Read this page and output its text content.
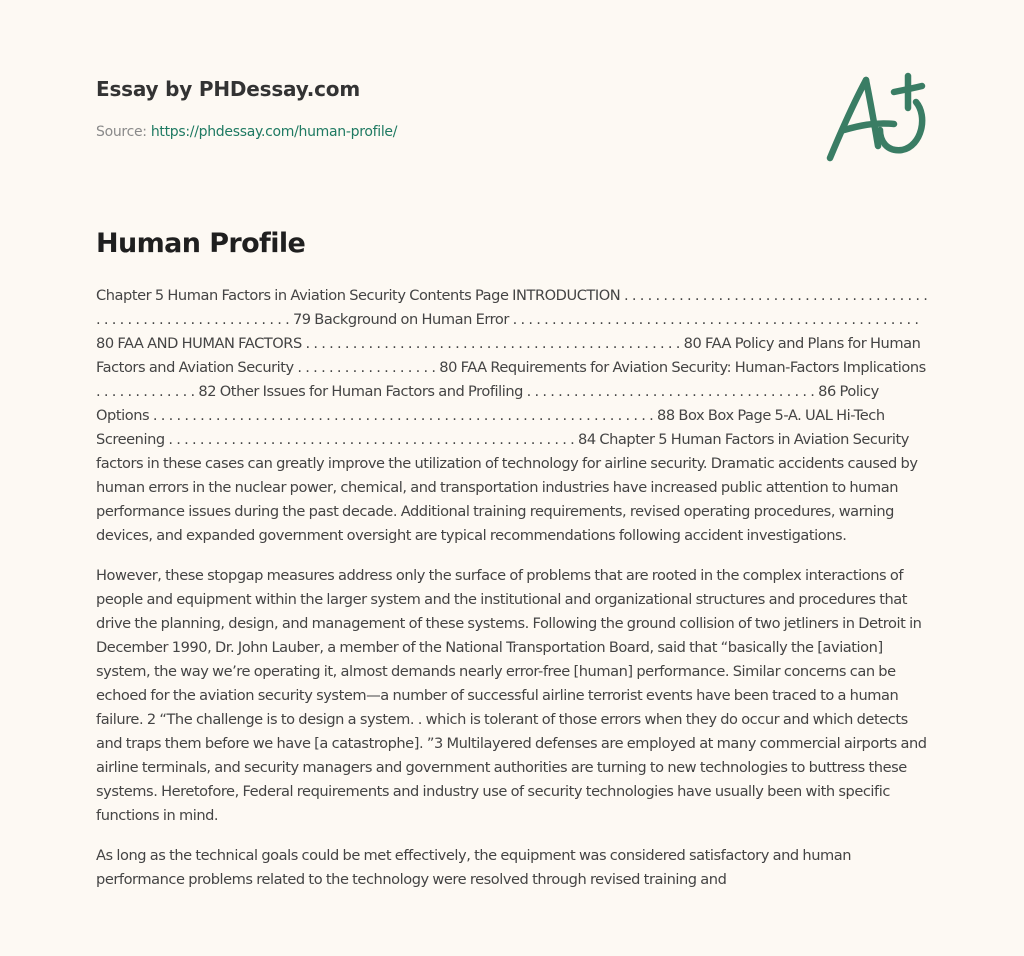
Essay by PHDessay.com
Source: https://phdessay.com/human-profile/
Human Profile

Chapter 5 Human Factors in Aviation Security Contents Page INTRODUCTION . . . . . . . . . . . . . . . . . . . . . . . . . . . . . . . . . . . . . . . . . . . . . . . . . . . . . . . . . . . . . . . . 79 Background on Human Error . . . . . . . . . . . . . . . . . . . . . . . . . . . . . . . . . . . . . . . . . . . . . . . . . . . . 80 FAA AND HUMAN FACTORS . . . . . . . . . . . . . . . . . . . . . . . . . . . . . . . . . . . . . . . . . . . . . . . . 80 FAA Policy and Plans for Human Factors and Aviation Security . . . . . . . . . . . . . . . . . . 80 FAA Requirements for Aviation Security: Human-Factors Implications . . . . . . . . . . . . . 82 Other Issues for Human Factors and Profiling . . . . . . . . . . . . . . . . . . . . . . . . . . . . . . . . . . . . . 86 Policy Options . . . . . . . . . . . . . . . . . . . . . . . . . . . . . . . . . . . . . . . . . . . . . . . . . . . . . . . . . . . . . . . . 88 Box Box Page 5-A. UAL Hi-Tech Screening . . . . . . . . . . . . . . . . . . . . . . . . . . . . . . . . . . . . . . . . . . . . . . . . . . . . 84 Chapter 5 Human Factors in Aviation Security factors in these cases can greatly improve the utilization of technology for airline security. Dramatic accidents caused by human errors in the nuclear power, chemical, and transportation industries have increased public attention to human performance issues during the past decade. Additional training requirements, revised operating procedures, warning devices, and expanded government oversight are typical recommendations following accident investigations.

However, these stopgap measures address only the surface of problems that are rooted in the complex interactions of people and equipment within the larger system and the institutional and organizational structures and procedures that drive the planning, design, and management of these systems. Following the ground collision of two jetliners in Detroit in December 1990, Dr. John Lauber, a member of the National Transportation Board, said that “basically the [aviation] system, the way we’re operating it, almost demands nearly error-free [human] performance. Similar concerns can be echoed for the aviation security system—a number of successful airline terrorist events have been traced to a human failure. 2 “The challenge is to design a system. . which is tolerant of those errors when they do occur and which detects and traps them before we have [a catastrophe]. ”3 Multilayered defenses are employed at many commercial airports and airline terminals, and security managers and government authorities are turning to new technologies to buttress these systems. Heretofore, Federal requirements and industry use of security technologies have usually been with specific functions in mind.

As long as the technical goals could be met effectively, the equipment was considered satisfactory and human performance problems related to the technology were resolved through revised training and
